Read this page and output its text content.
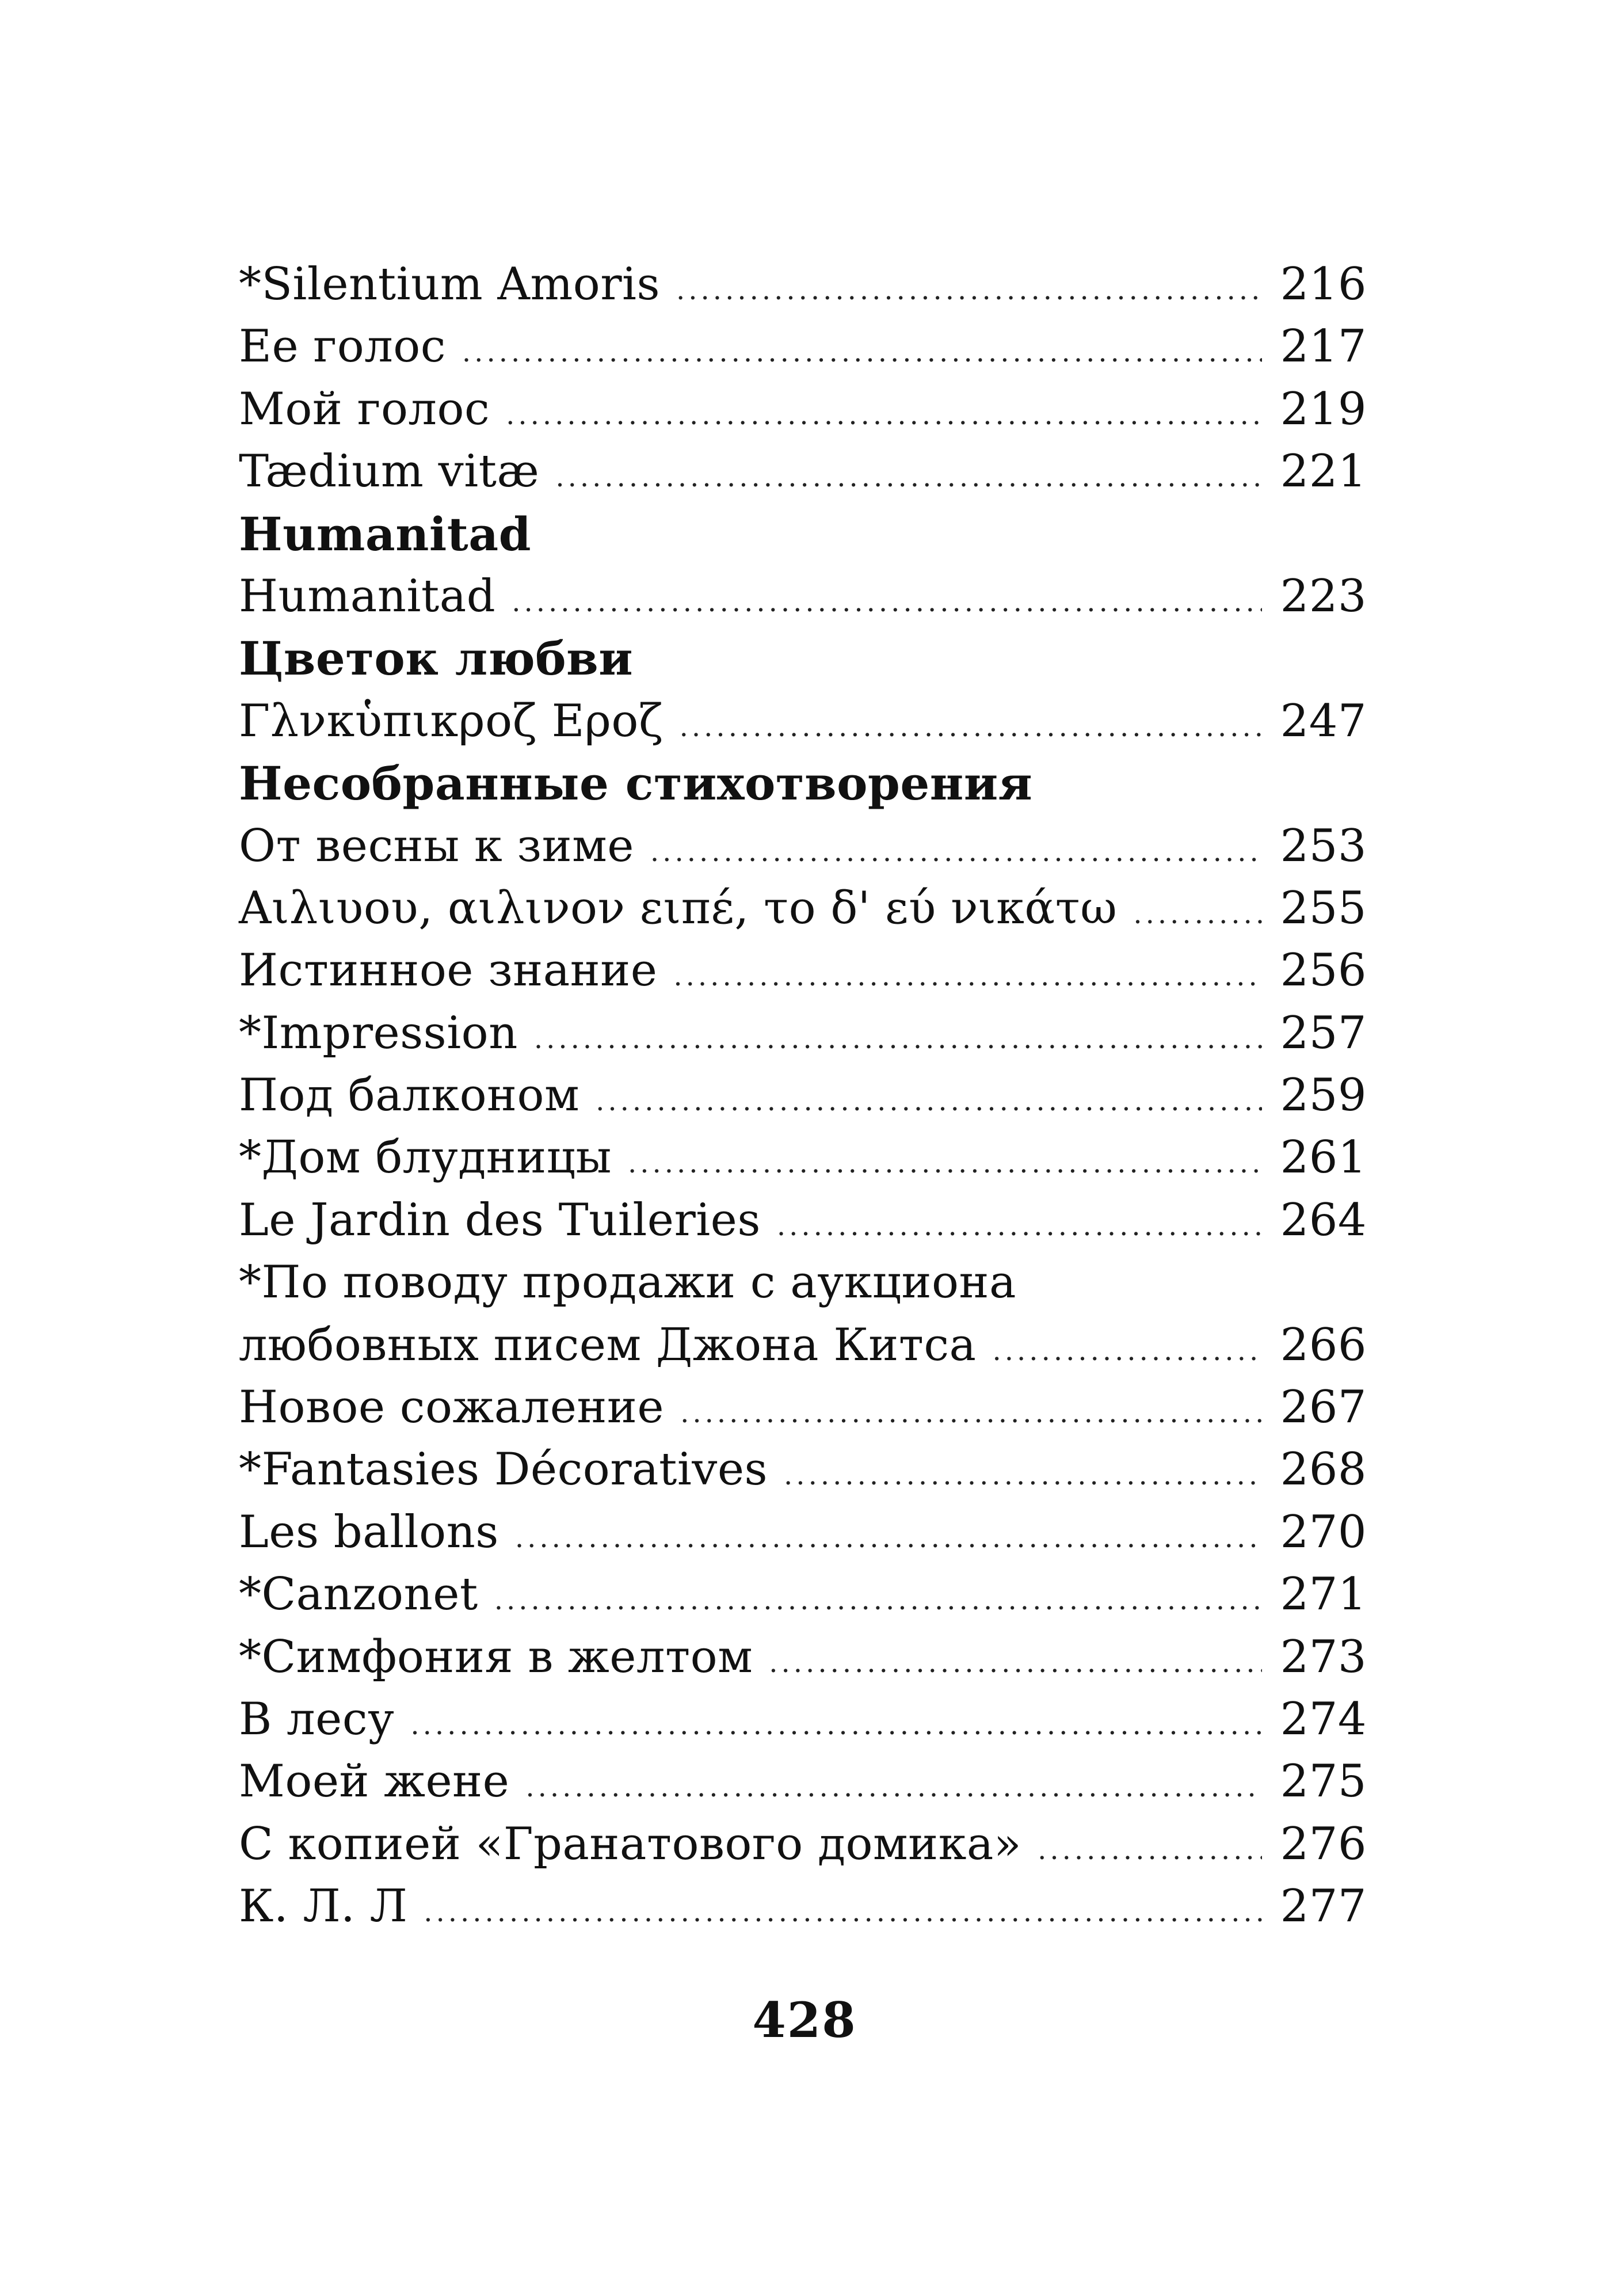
*Silentium Amoris .....	216
Ее голос .....	217
Мой голос .....	219
Tædium vitæ .....	221
Humanitad
Humanitad .....	223
Цветок любви
Γλνκὑπικροζ Εροζ .....	247
Несобранные стихотворения
От весны к зиме .....	253
Αιλιυου, αιλινον ειπέ, το δ' εύ νικάτω .....	255
Истинное знание .....	256
*Impression .....	257
Под балконом .....	259
*Дом блудницы .....	261
Le Jardin des Tuileries .....	264
*По поводу продажи с аукциона
любовных писем Джона Китса .....	266
Новое сожаление .....	267
*Fantasies Décoratives .....	268
Les ballons .....	270
*Canzonet .....	271
*Симфония в желтом .....	273
В лесу .....	274
Моей жене .....	275
С копией «Гранатового домика» .....	276
К. Л. Л .....	277
428
